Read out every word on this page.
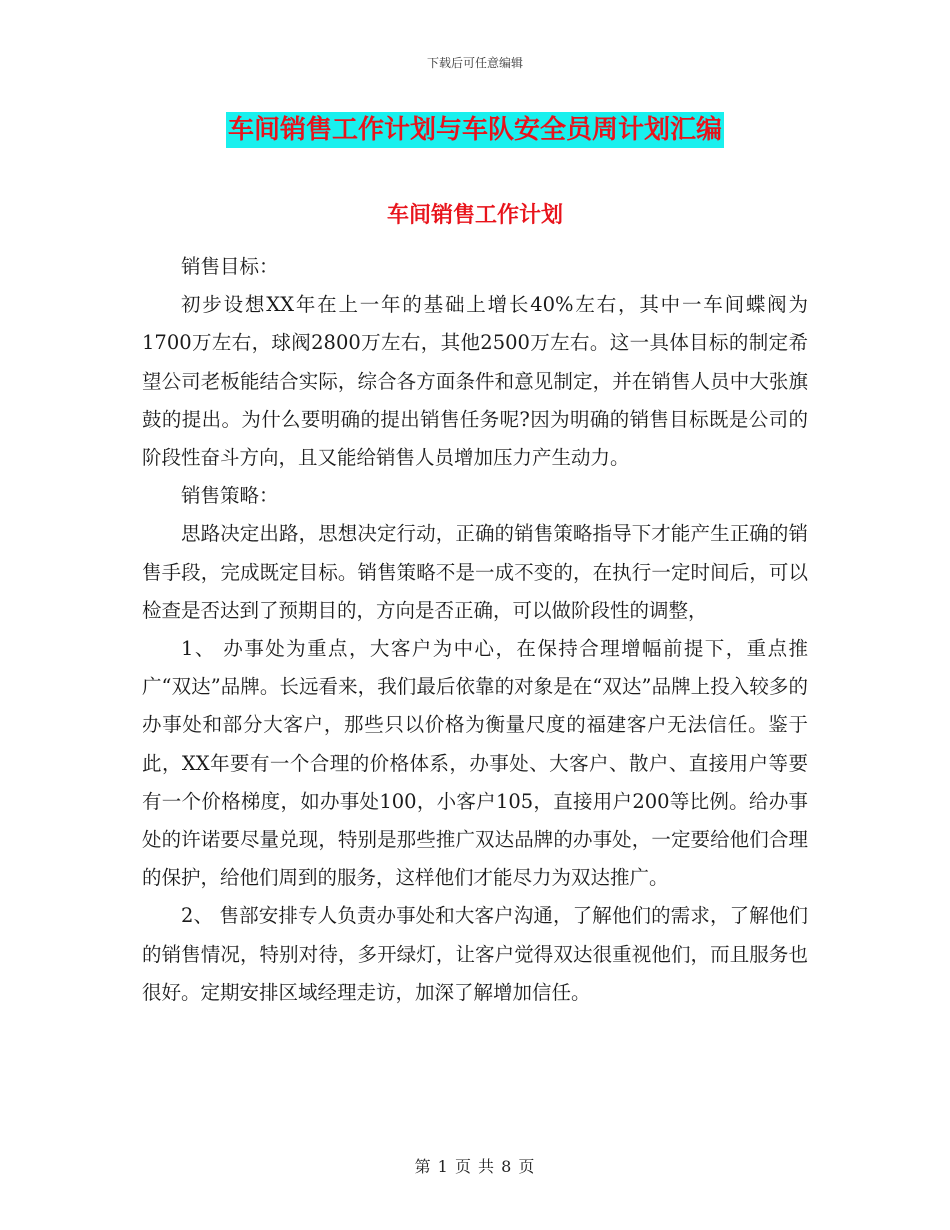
下载后可任意编辑
车间销售工作计划与车队安全员周计划汇编
车间销售工作计划

销售目标：

初步设想XX年在上一年的基础上增长40%左右，其中一车间蝶阀为1700万左右，球阀2800万左右，其他2500万左右。这一具体目标的制定希望公司老板能结合实际，综合各方面条件和意见制定，并在销售人员中大张旗鼓的提出。为什么要明确的提出销售任务呢?因为明确的销售目标既是公司的阶段性奋斗方向，且又能给销售人员增加压力产生动力。

销售策略：

思路决定出路，思想决定行动，正确的销售策略指导下才能产生正确的销售手段，完成既定目标。销售策略不是一成不变的，在执行一定时间后，可以检查是否达到了预期目的，方向是否正确，可以做阶段性的调整，

1、 办事处为重点，大客户为中心，在保持合理增幅前提下，重点推广“双达”品牌。长远看来，我们最后依靠的对象是在“双达”品牌上投入较多的办事处和部分大客户，那些只以价格为衡量尺度的福建客户无法信任。鉴于此，XX年要有一个合理的价格体系，办事处、大客户、散户、直接用户等要有一个价格梯度，如办事处100，小客户105，直接用户200等比例。给办事处的许诺要尽量兑现，特别是那些推广双达品牌的办事处，一定要给他们合理的保护，给他们周到的服务，这样他们才能尽力为双达推广。

2、 售部安排专人负责办事处和大客户沟通，了解他们的需求，了解他们的销售情况，特别对待，多开绿灯，让客户觉得双达很重视他们，而且服务也很好。定期安排区域经理走访，加深了解增加信任。

第 1 页 共 8 页
